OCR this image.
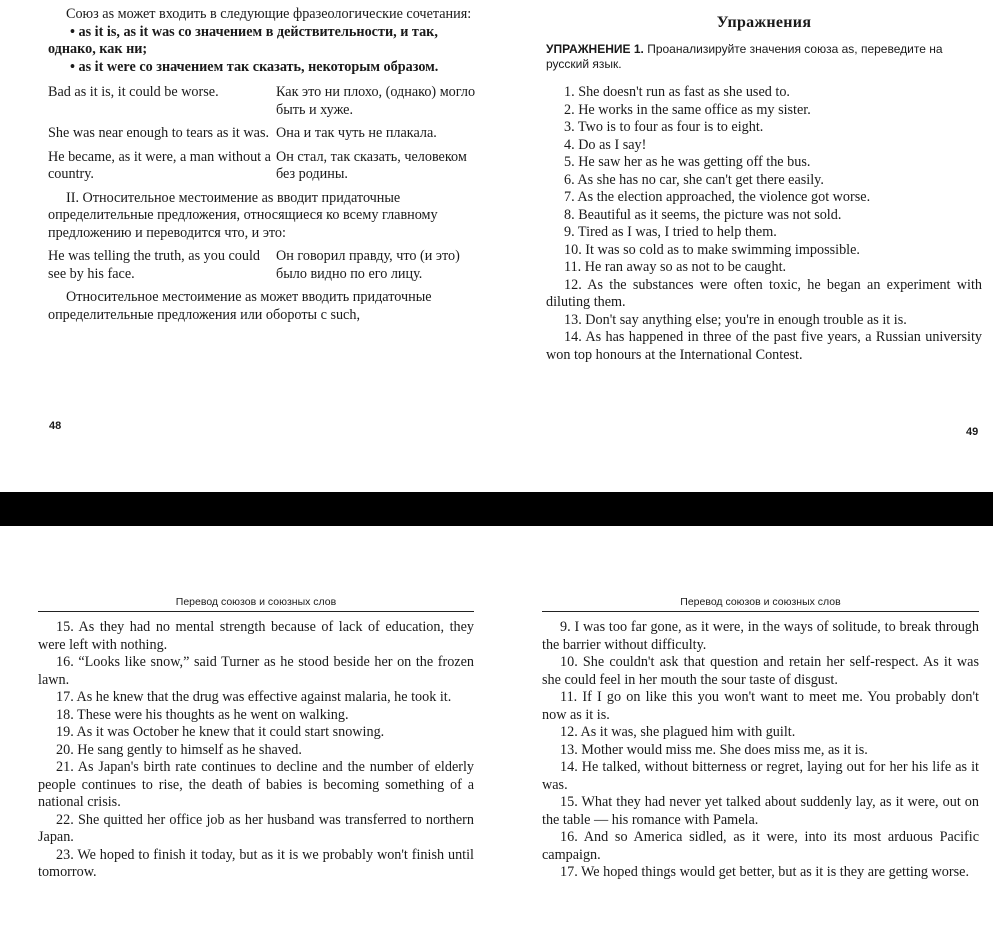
Союз as может входить в следующие фразеологические сочетания:
• as it is, as it was со значением в действительности, и так, однако, как ни;
• as it were со значением так сказать, некоторым образом.
Bad as it is, it could be worse.	Как это ни плохо, (однако) могло быть и хуже.
She was near enough to tears as it was. Она и так чуть не плакала.
He became, as it were, a man without a country.
Он стал, так сказать, человеком без родины.
II. Относительное местоимение as вводит придаточные определительные предложения, относящиеся ко всему главному предложению и переводится что, и это:
He was telling the truth, as you could see by his face.
Он говорил правду, что (и это) было видно по его лицу.
Относительное местоимение as может вводить придаточные определительные предложения или обороты с such,
48
Упражнения
УПРАЖНЕНИЕ 1. Проанализируйте значения союза as, переведите на русский язык.
1. She doesn't run as fast as she used to.
2. He works in the same office as my sister.
3. Two is to four as four is to eight.
4. Do as I say!
5. He saw her as he was getting off the bus.
6. As she has no car, she can't get there easily.
7. As the election approached, the violence got worse.
8. Beautiful as it seems, the picture was not sold.
9. Tired as I was, I tried to help them.
10. It was so cold as to make swimming impossible.
11. He ran away so as not to be caught.
12. As the substances were often toxic, he began an experiment with diluting them.
13. Don't say anything else; you're in enough trouble as it is.
14. As has happened in three of the past five years, a Russian university won top honours at the International Contest.
49
Перевод союзов и союзных слов
15. As they had no mental strength because of lack of education, they were left with nothing.
16. “Looks like snow,” said Turner as he stood beside her on the frozen lawn.
17. As he knew that the drug was effective against malaria, he took it.
18. These were his thoughts as he went on walking.
19. As it was October he knew that it could start snowing.
20. He sang gently to himself as he shaved.
21. As Japan's birth rate continues to decline and the number of elderly people continues to rise, the death of babies is becoming something of a national crisis.
22. She quitted her office job as her husband was transferred to northern Japan.
23. We hoped to finish it today, but as it is we probably won't finish until tomorrow.
Перевод союзов и союзных слов
9. I was too far gone, as it were, in the ways of solitude, to break through the barrier without difficulty.
10. She couldn't ask that question and retain her self-respect. As it was she could feel in her mouth the sour taste of disgust.
11. If I go on like this you won't want to meet me. You probably don't now as it is.
12. As it was, she plagued him with guilt.
13. Mother would miss me. She does miss me, as it is.
14. He talked, without bitterness or regret, laying out for her his life as it was.
15. What they had never yet talked about suddenly lay, as it were, out on the table — his romance with Pamela.
16. And so America sidled, as it were, into its most arduous Pacific campaign.
17. We hoped things would get better, but as it is they are getting worse.
